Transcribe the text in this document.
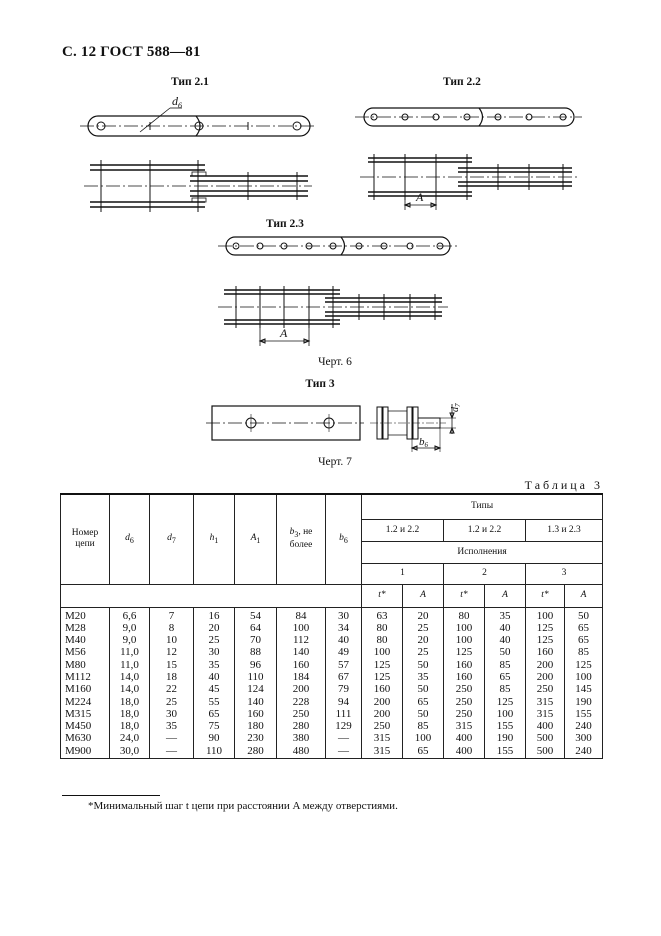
С. 12 ГОСТ 588—81
Тип 2.1	Тип 2.2
Тип 2.3
Черт. 6
Тип 3
Черт. 7
$d_6$
A
A
$d_7$
b6
Таблица 3
Номер цепи	$d_6$	$d_7$	$h_1$	$A_1$	$b_3$, не более	$b_6$	Типы					
							1.2 и 2.2		1.2 и 2.2		1.3 и 2.3	
							Исполнения					
							1		2		3	
							t*	A	t*	A	t*	A
М20	6,6	7	16	54	84	30	63	20	80	35	100	50
М28	9,0	8	20	64	100	34	80	25	100	40	125	65
М40	9,0	10	25	70	112	40	80	20	100	40	125	65
М56	11,0	12	30	88	140	49	100	25	125	50	160	85
М80	11,0	15	35	96	160	57	125	50	160	85	200	125
М112	14,0	18	40	110	184	67	125	35	160	65	200	100
М160	14,0	22	45	124	200	79	160	50	250	85	250	145
М224	18,0	25	55	140	228	94	200	65	250	125	315	190
М315	18,0	30	65	160	250	111	200	50	250	100	315	155
М450	18,0	35	75	180	280	129	250	85	315	155	400	240
М630	24,0	—	90	230	380	—	315	100	400	190	500	300
М900	30,0	—	110	280	480	—	315	65	400	155	500	240
*Минимальный шаг t цепи при расстоянии A между отверстиями.
